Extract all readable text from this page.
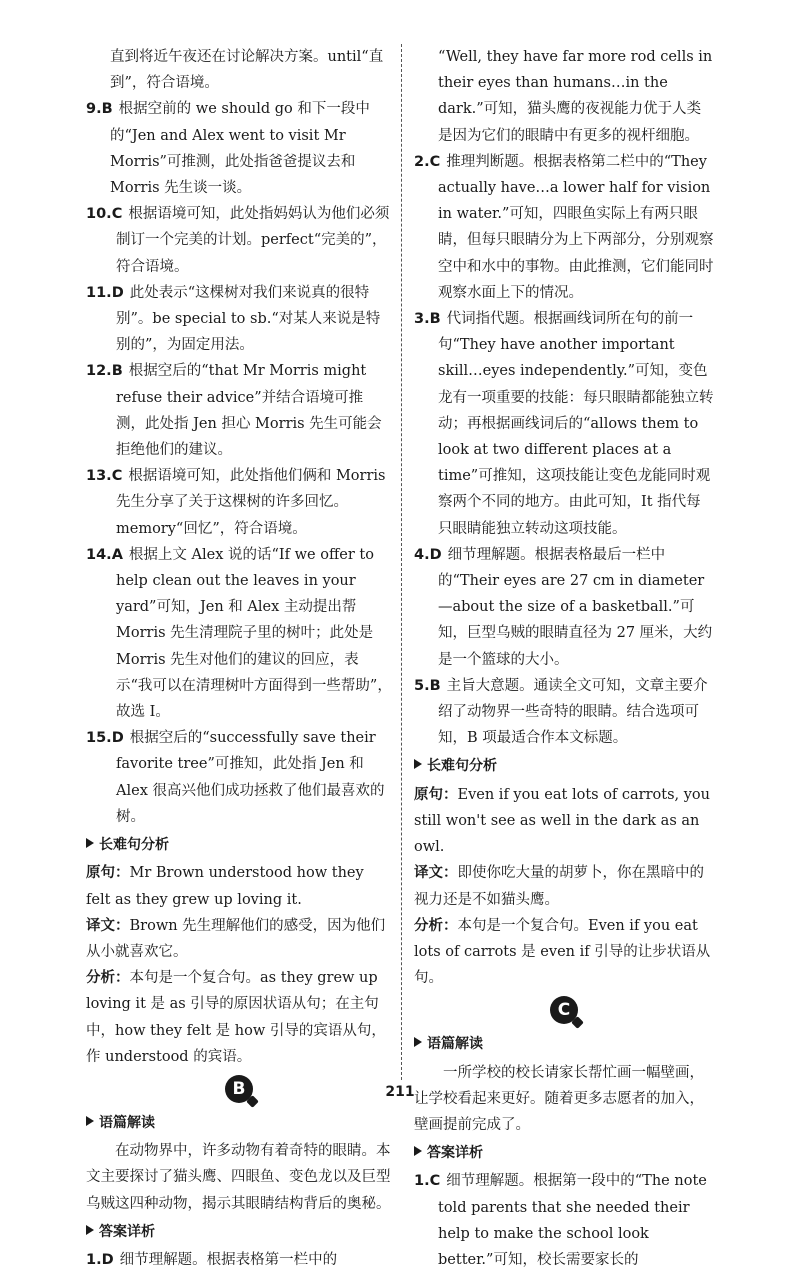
直到将近午夜还在讨论解决方案。until“直到”，符合语境。

9.B 根据空前的 we should go 和下一段中的“Jen and Alex went to visit Mr Morris”可推测，此处指爸爸提议去和 Morris 先生谈一谈。

10.C 根据语境可知，此处指妈妈认为他们必须制订一个完美的计划。perfect“完美的”，符合语境。

11.D 此处表示“这棵树对我们来说真的很特别”。be special to sb.“对某人来说是特别的”，为固定用法。

12.B 根据空后的“that Mr Morris might refuse their advice”并结合语境可推测，此处指 Jen 担心 Morris 先生可能会拒绝他们的建议。

13.C 根据语境可知，此处指他们俩和 Morris 先生分享了关于这棵树的许多回忆。memory“回忆”，符合语境。

14.A 根据上文 Alex 说的话“If we offer to help clean out the leaves in your yard”可知，Jen 和 Alex 主动提出帮 Morris 先生清理院子里的树叶；此处是 Morris 先生对他们的建议的回应，表示“我可以在清理树叶方面得到一些帮助”，故选 I。

15.D 根据空后的“successfully save their favorite tree”可推知，此处指 Jen 和 Alex 很高兴他们成功拯救了他们最喜欢的树。

长难句分析

原句：Mr Brown understood how they felt as they grew up loving it.

译文：Brown 先生理解他们的感受，因为他们从小就喜欢它。

分析：本句是一个复合句。as they grew up loving it 是 as 引导的原因状语从句；在主句中，how they felt 是 how 引导的宾语从句，作 understood 的宾语。

B

语篇解读

在动物界中，许多动物有着奇特的眼睛。本文主要探讨了猫头鹰、四眼鱼、变色龙以及巨型乌贼这四种动物，揭示其眼睛结构背后的奥秘。

答案详析

1.D 细节理解题。根据表格第一栏中的

“Well, they have far more rod cells in their eyes than humans…in the dark.”可知，猫头鹰的夜视能力优于人类是因为它们的眼睛中有更多的视杆细胞。

2.C 推理判断题。根据表格第二栏中的“They actually have…a lower half for vision in water.”可知，四眼鱼实际上有两只眼睛，但每只眼睛分为上下两部分，分别观察空中和水中的事物。由此推测，它们能同时观察水面上下的情况。

3.B 代词指代题。根据画线词所在句的前一句“They have another important skill…eyes independently.”可知，变色龙有一项重要的技能：每只眼睛都能独立转动；再根据画线词后的“allows them to look at two different places at a time”可推知，这项技能让变色龙能同时观察两个不同的地方。由此可知，It 指代每只眼睛能独立转动这项技能。

4.D 细节理解题。根据表格最后一栏中的“Their eyes are 27 cm in diameter—about the size of a basketball.”可知，巨型乌贼的眼睛直径为 27 厘米，大约是一个篮球的大小。

5.B 主旨大意题。通读全文可知，文章主要介绍了动物界一些奇特的眼睛。结合选项可知，B 项最适合作本文标题。

长难句分析

原句：Even if you eat lots of carrots, you still won't see as well in the dark as an owl.

译文：即使你吃大量的胡萝卜，你在黑暗中的视力还是不如猫头鹰。

分析：本句是一个复合句。Even if you eat lots of carrots 是 even if 引导的让步状语从句。

C

语篇解读

一所学校的校长请家长帮忙画一幅壁画，让学校看起来更好。随着更多志愿者的加入，壁画提前完成了。

答案详析

1.C 细节理解题。根据第一段中的“The note told parents that she needed their help to make the school look better.”可知，校长需要家长的

211
